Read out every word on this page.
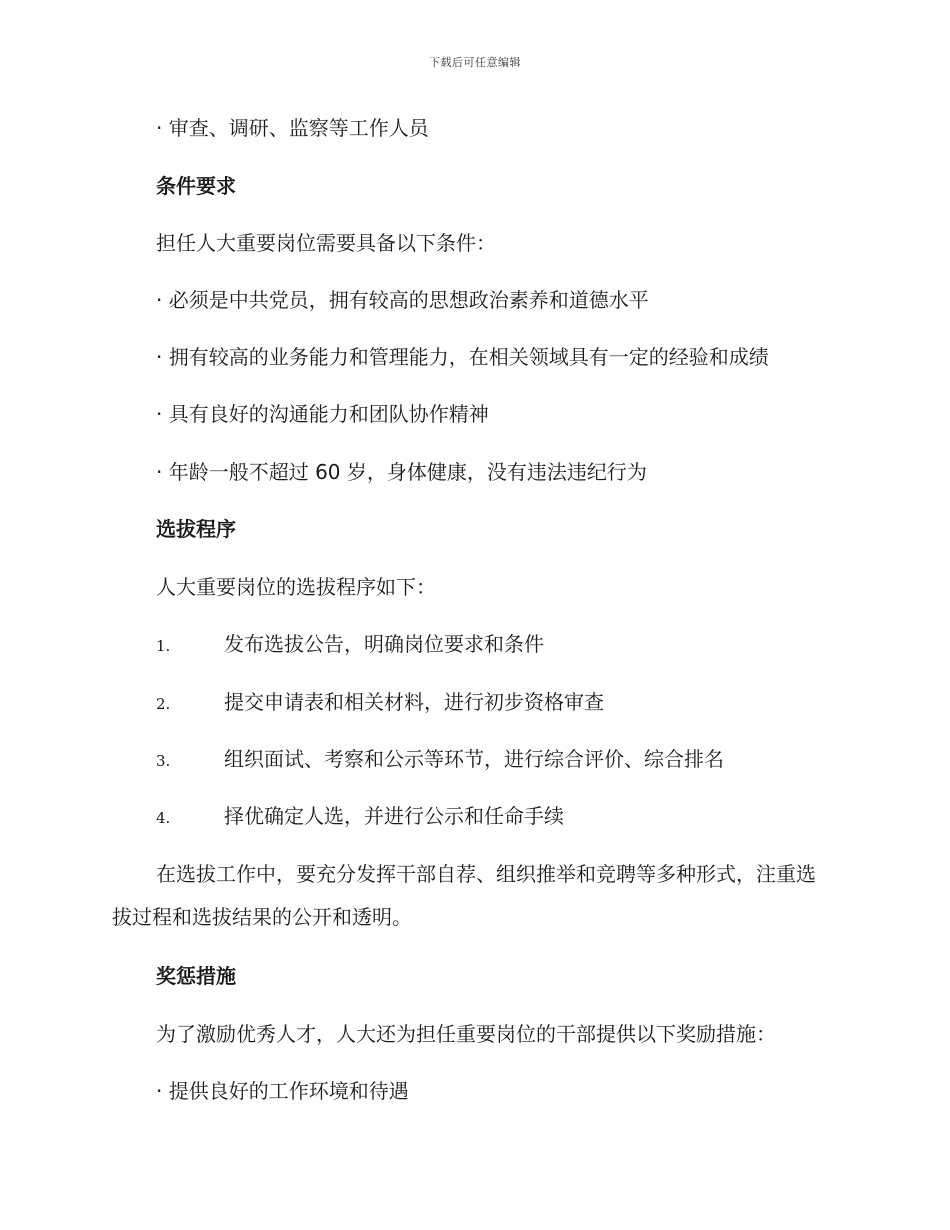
下载后可任意编辑
· 审查、调研、监察等工作人员
条件要求
担任人大重要岗位需要具备以下条件：
· 必须是中共党员，拥有较高的思想政治素养和道德水平
· 拥有较高的业务能力和管理能力，在相关领域具有一定的经验和成绩
· 具有良好的沟通能力和团队协作精神
· 年龄一般不超过 60 岁，身体健康，没有违法违纪行为
选拔程序
人大重要岗位的选拔程序如下：
1.	发布选拔公告，明确岗位要求和条件
2.	提交申请表和相关材料，进行初步资格审查
3.	组织面试、考察和公示等环节，进行综合评价、综合排名
4.	择优确定人选，并进行公示和任命手续
在选拔工作中，要充分发挥干部自荐、组织推举和竞聘等多种形式，注重选拔过程和选拔结果的公开和透明。
奖惩措施
为了激励优秀人才，人大还为担任重要岗位的干部提供以下奖励措施：
· 提供良好的工作环境和待遇
